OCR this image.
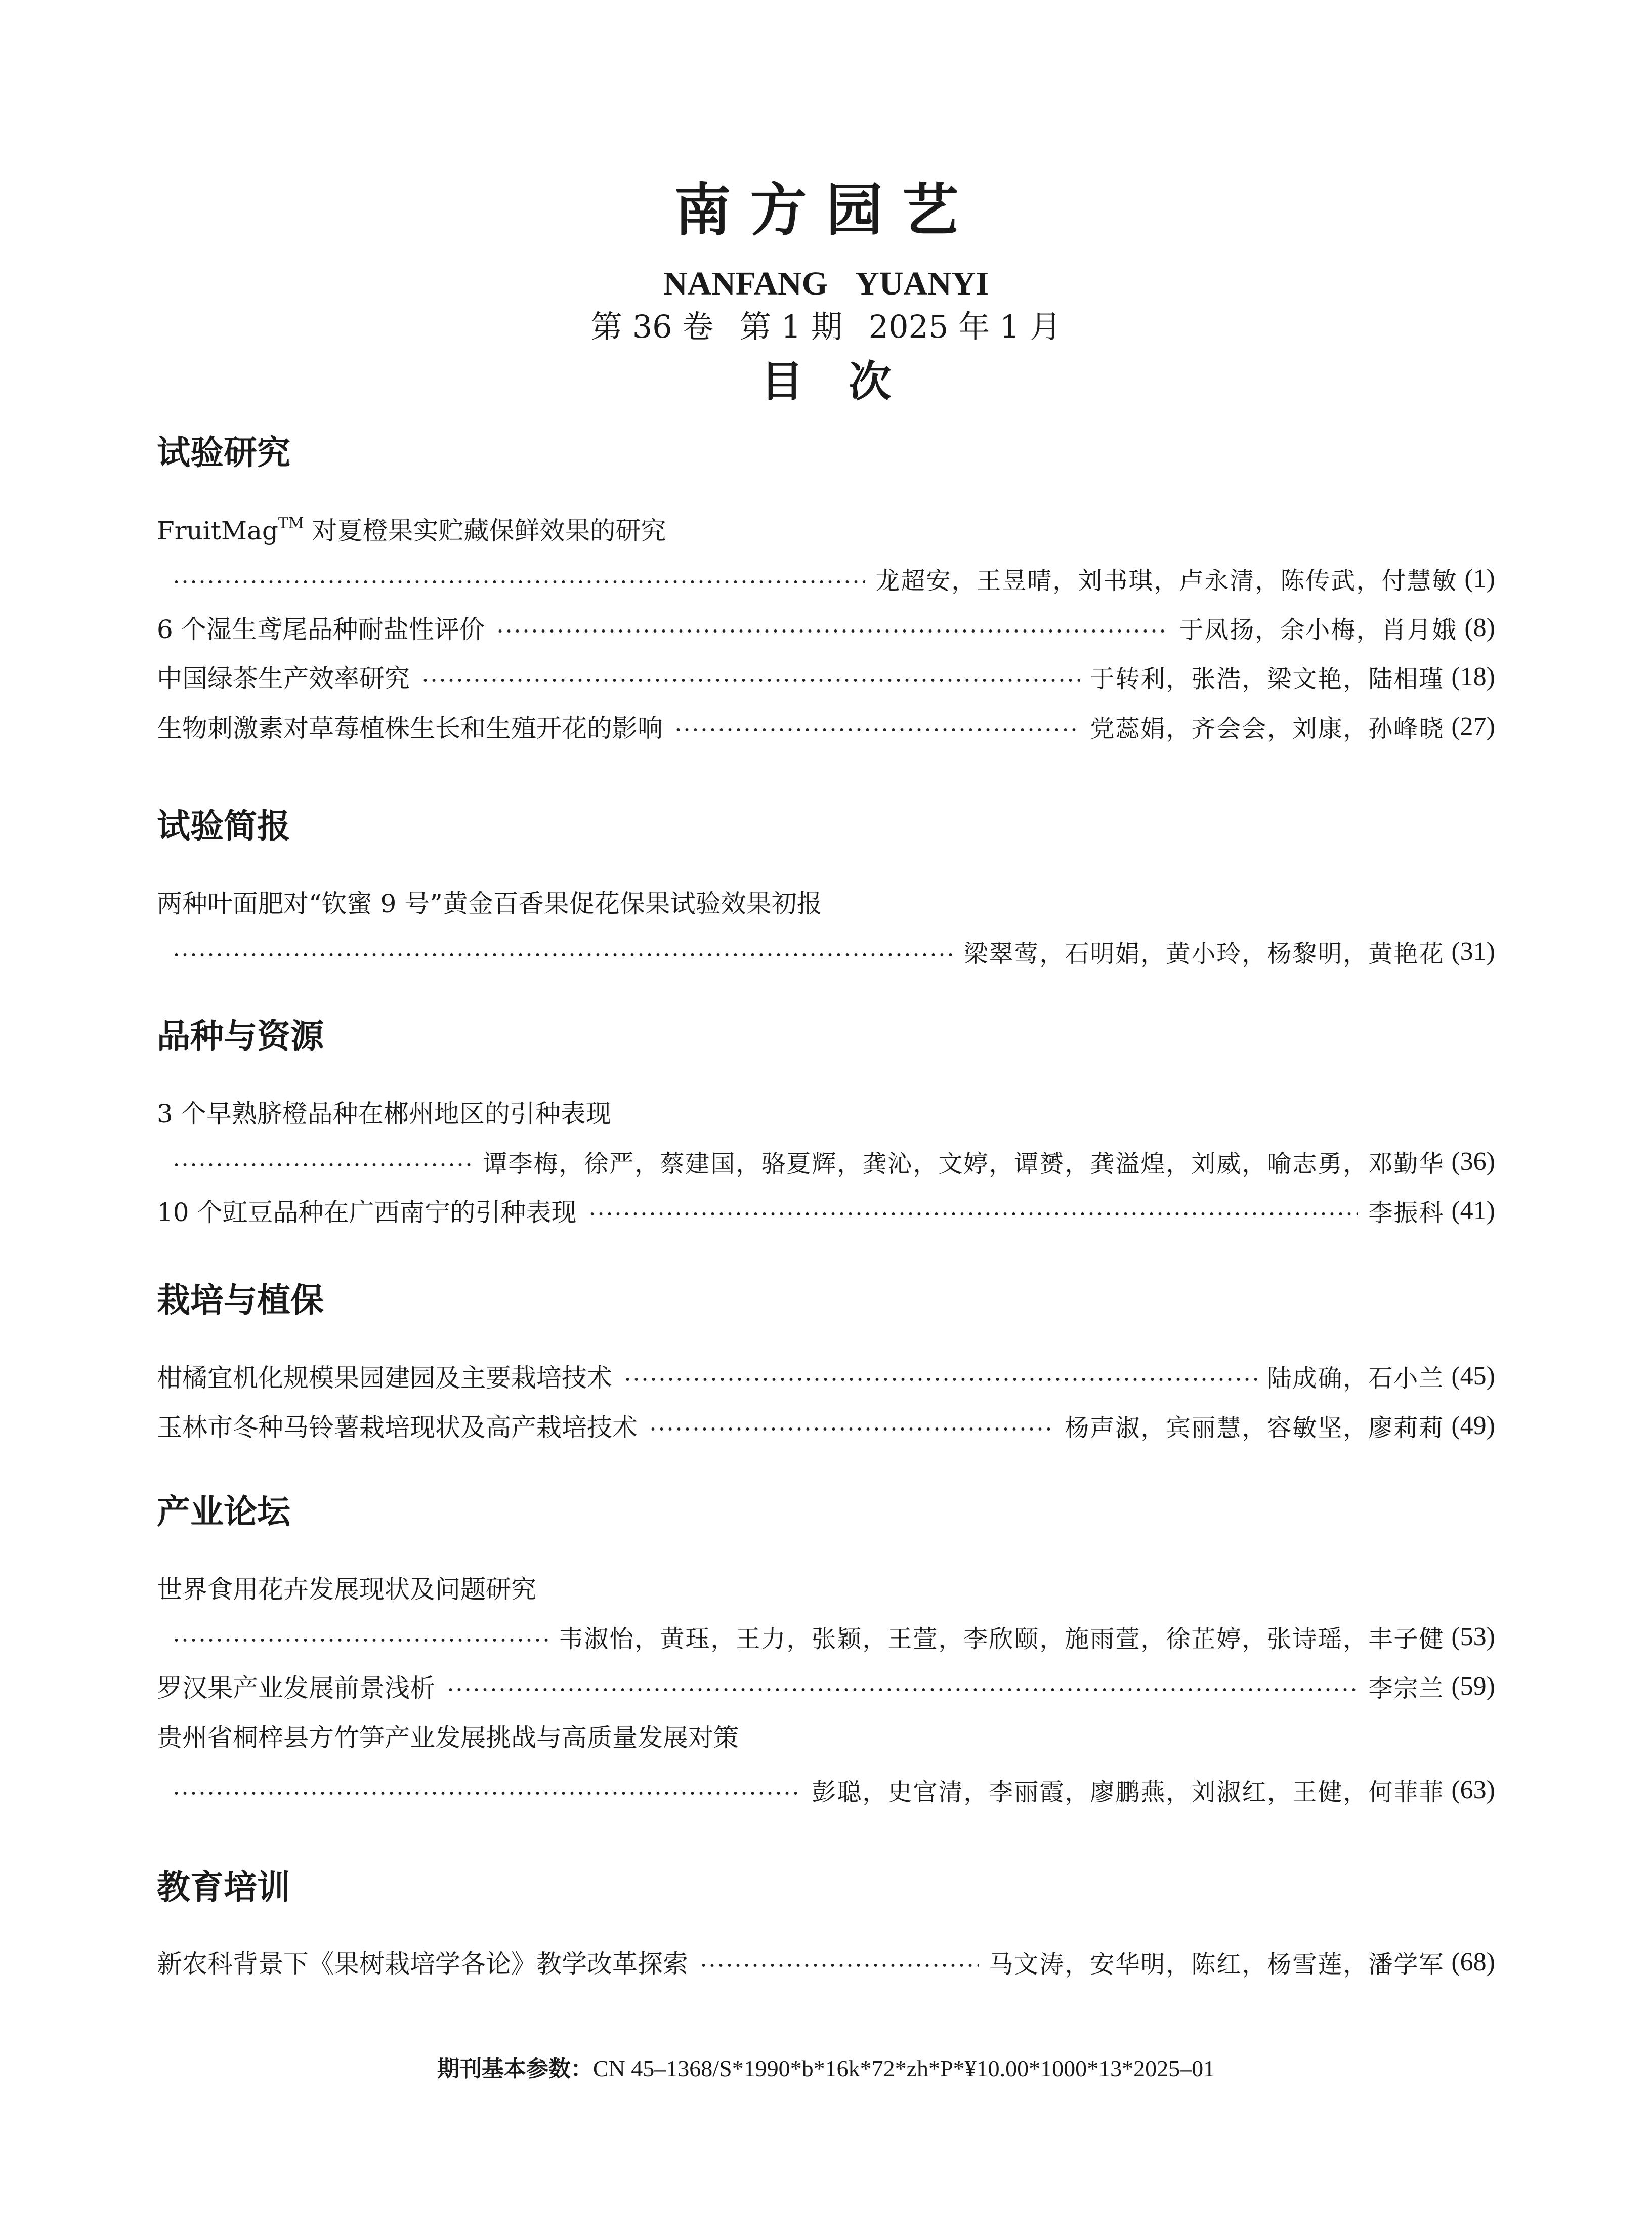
南方园艺
NANFANG YUANYI
第 36 卷 第 1 期 2025 年 1 月
目次
试验研究
FruitMag™ 对夏橙果实贮藏保鲜效果的研究
龙超安，王昱晴，刘书琪，卢永清，陈传武，付慧敏 (1)
6 个湿生鸢尾品种耐盐性评价	于凤扬，余小梅，肖月娥 (8)
中国绿茶生产效率研究	于转利，张浩，梁文艳，陆相瑾 (18)
生物刺激素对草莓植株生长和生殖开花的影响	党蕊娟，齐会会，刘康，孙峰晓 (27)
试验简报
两种叶面肥对“钦蜜 9 号”黄金百香果促花保果试验效果初报
梁翠莺，石明娟，黄小玲，杨黎明，黄艳花 (31)
品种与资源
3 个早熟脐橙品种在郴州地区的引种表现
谭李梅，徐严，蔡建国，骆夏辉，龚沁，文婷，谭赟，龚溢煌，刘威，喻志勇，邓勤华 (36)
10 个豇豆品种在广西南宁的引种表现	李振科 (41)
栽培与植保
柑橘宜机化规模果园建园及主要栽培技术	陆成确，石小兰 (45)
玉林市冬种马铃薯栽培现状及高产栽培技术	杨声淑，宾丽慧，容敏坚，廖莉莉 (49)
产业论坛
世界食用花卉发展现状及问题研究
韦淑怡，黄珏，王力，张颖，王萱，李欣颐，施雨萱，徐芷婷，张诗瑶，丰子健 (53)
罗汉果产业发展前景浅析	李宗兰 (59)
贵州省桐梓县方竹笋产业发展挑战与高质量发展对策
彭聪，史官清，李丽霞，廖鹏燕，刘淑红，王健，何菲菲 (63)
教育培训
新农科背景下《果树栽培学各论》教学改革探索	马文涛，安华明，陈红，杨雪莲，潘学军 (68)
期刊基本参数：CN 45–1368/S*1990*b*16k*72*zh*P*¥10.00*1000*13*2025–01
